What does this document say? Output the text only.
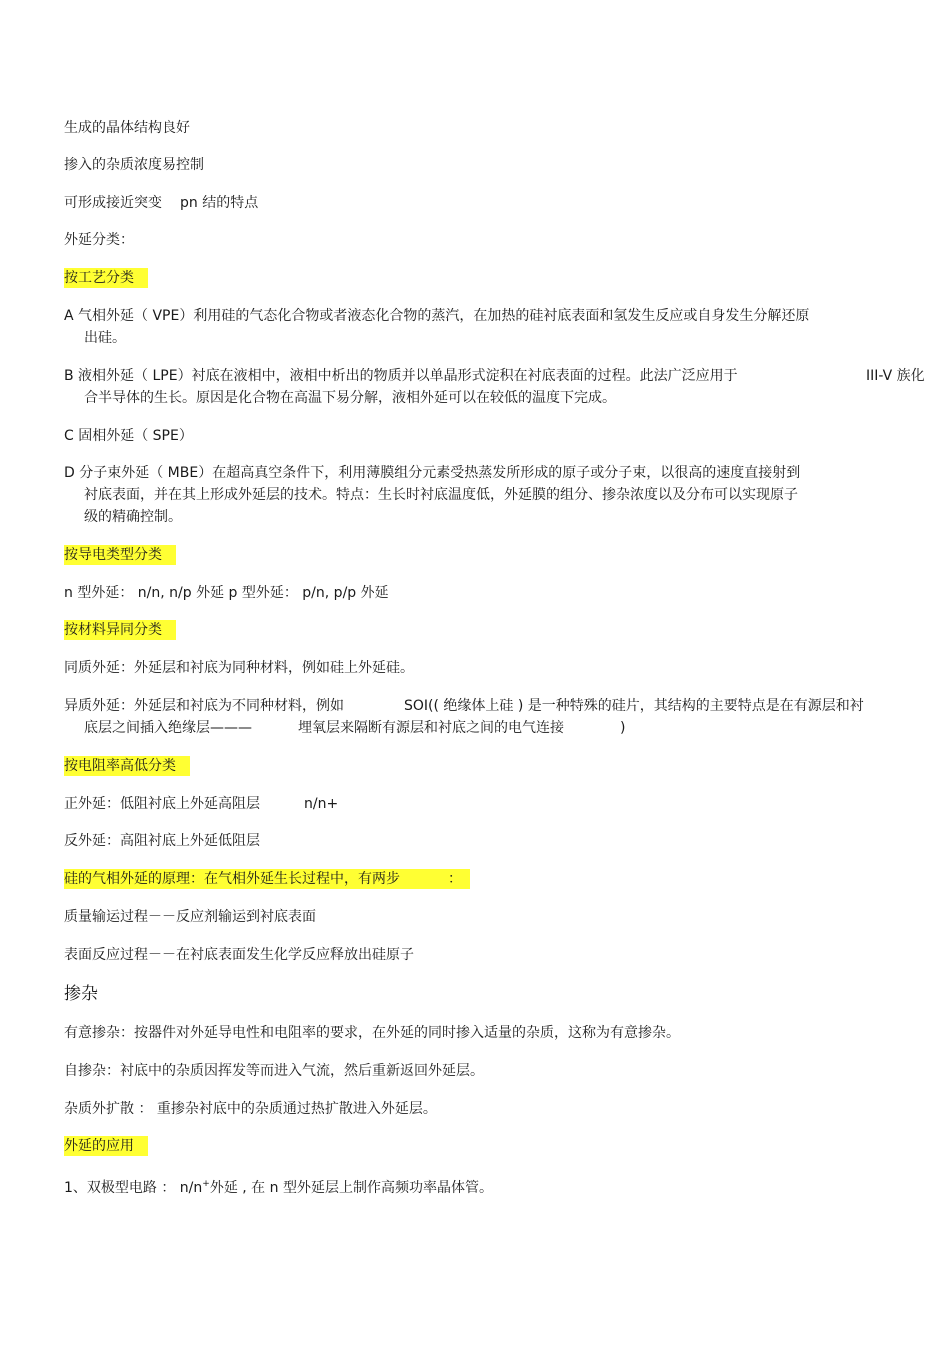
生成的晶体结构良好
掺入的杂质浓度易控制
可形成接近突变 pn 结的特点
外延分类：
按工艺分类
A 气相外延（ VPE）利用硅的气态化合物或者液态化合物的蒸汽，在加热的硅衬底表面和氢发生反应或自身发生分解还原
出硅。
B 液相外延（ LPE）衬底在液相中，液相中析出的物质并以单晶形式淀积在衬底表面的过程。此法广泛应用于	III-V 族化
合半导体的生长。原因是化合物在高温下易分解，液相外延可以在较低的温度下完成。
C 固相外延（ SPE）
D 分子束外延（ MBE）在超高真空条件下，利用薄膜组分元素受热蒸发所形成的原子或分子束，以很高的速度直接射到
衬底表面，并在其上形成外延层的技术。特点：生长时衬底温度低，外延膜的组分、掺杂浓度以及分布可以实现原子
级的精确控制。
按导电类型分类
n 型外延： n/n, n/p 外延 p 型外延： p/n, p/p 外延
按材料异同分类
同质外延：外延层和衬底为同种材料，例如硅上外延硅。
异质外延：外延层和衬底为不同种材料，例如	SOI(( 绝缘体上硅 ) 是一种特殊的硅片，其结构的主要特点是在有源层和衬
底层之间插入绝缘层———	埋氧层来隔断有源层和衬底之间的电气连接	)
按电阻率高低分类
正外延：低阻衬底上外延高阻层	n/n+
反外延：高阻衬底上外延低阻层
硅的气相外延的原理：在气相外延生长过程中，有两步	：
质量输运过程－－反应剂输运到衬底表面
表面反应过程－－在衬底表面发生化学反应释放出硅原子
掺杂
有意掺杂：按器件对外延导电性和电阻率的要求，在外延的同时掺入适量的杂质，这称为有意掺杂。
自掺杂：衬底中的杂质因挥发等而进入气流，然后重新返回外延层。
杂质外扩散 ： 重掺杂衬底中的杂质通过热扩散进入外延层。
外延的应用
1、双极型电路 ： n/n+外延 , 在 n 型外延层上制作高频功率晶体管。
